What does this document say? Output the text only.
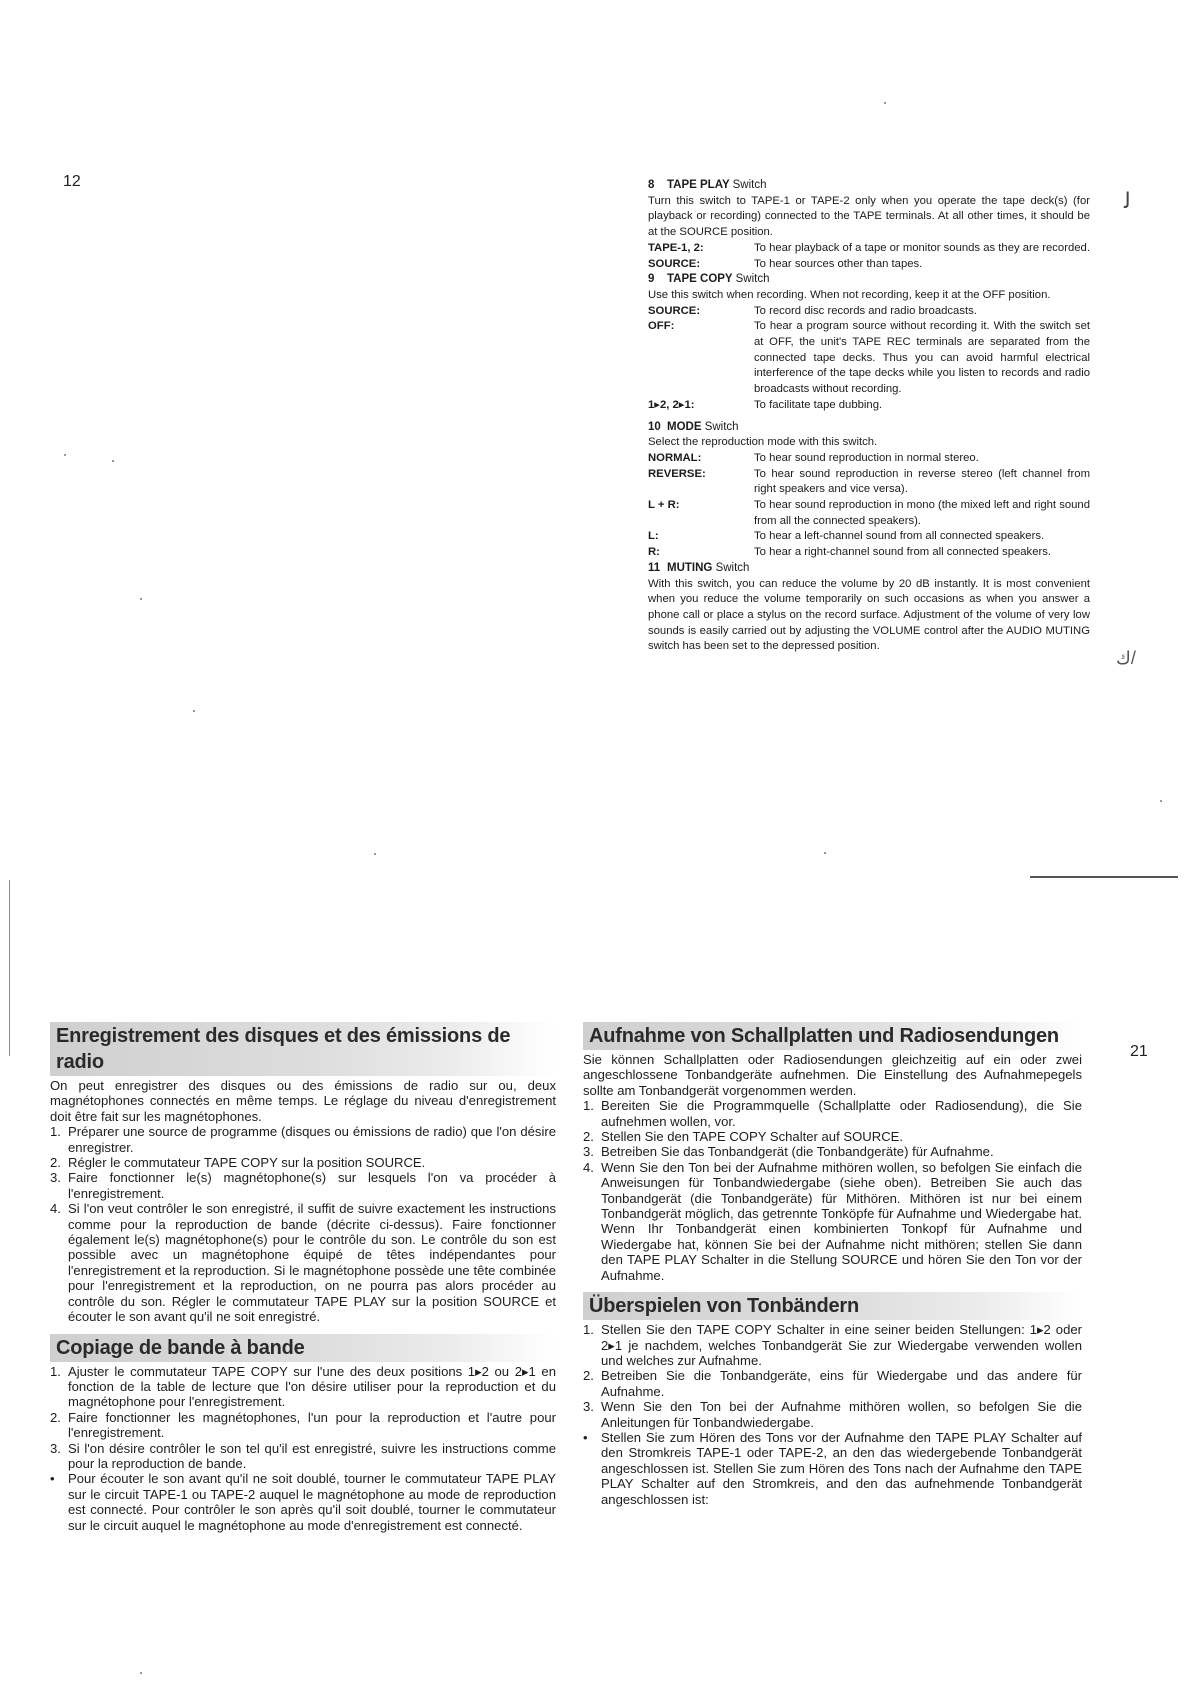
12
21
ﻟ
ك/
8 TAPE PLAY Switch
Turn this switch to TAPE-1 or TAPE-2 only when you operate the tape deck(s) (for playback or recording) connected to the TAPE terminals. At all other times, it should be at the SOURCE position.
TAPE-1, 2:	To hear playback of a tape or monitor sounds as they are recorded.
SOURCE:	To hear sources other than tapes.
9 TAPE COPY Switch
Use this switch when recording. When not recording, keep it at the OFF position.
SOURCE:	To record disc records and radio broadcasts.
OFF:	To hear a program source without recording it. With the switch set at OFF, the unit's TAPE REC terminals are separated from the connected tape decks. Thus you can avoid harmful electrical interference of the tape decks while you listen to records and radio broadcasts without recording.
1▸2, 2▸1:	To facilitate tape dubbing.
10 MODE Switch
Select the reproduction mode with this switch.
NORMAL:	To hear sound reproduction in normal stereo.
REVERSE:	To hear sound reproduction in reverse stereo (left channel from right speakers and vice versa).
L + R:	To hear sound reproduction in mono (the mixed left and right sound from all the connected speakers).
L:	To hear a left-channel sound from all connected speakers.
R:	To hear a right-channel sound from all connected speakers.
11 MUTING Switch
With this switch, you can reduce the volume by 20 dB instantly. It is most convenient when you reduce the volume temporarily on such occasions as when you answer a phone call or place a stylus on the record surface. Adjustment of the volume of very low sounds is easily carried out by adjusting the VOLUME control after the AUDIO MUTING switch has been set to the depressed position.
Enregistrement des disques et des émissions de radio

On peut enregistrer des disques ou des émissions de radio sur ou, deux magnétophones connectés en même temps. Le réglage du niveau d'enregistrement doit être fait sur les magnétophones.

1. Préparer une source de programme (disques ou émissions de radio) que l'on désire enregistrer.
2. Régler le commutateur TAPE COPY sur la position SOURCE.
3. Faire fonctionner le(s) magnétophone(s) sur lesquels l'on va procéder à l'enregistrement.
4. Si l'on veut contrôler le son enregistré, il suffit de suivre exactement les instructions comme pour la reproduction de bande (décrite ci-dessus). Faire fonctionner également le(s) magnétophone(s) pour le contrôle du son. Le contrôle du son est possible avec un magnétophone équipé de têtes indépendantes pour l'enregistrement et la reproduction. Si le magnétophone possède une tête combinée pour l'enregistrement et la reproduction, on ne pourra pas alors procéder au contrôle du son. Régler le commutateur TAPE PLAY sur la position SOURCE et écouter le son avant qu'il ne soit enregistré.
Copiage de bande à bande
1. Ajuster le commutateur TAPE COPY sur l'une des deux positions 1▸2 ou 2▸1 en fonction de la table de lecture que l'on désire utiliser pour la reproduction et du magnétophone pour l'enregistrement.
2. Faire fonctionner les magnétophones, l'un pour la reproduction et l'autre pour l'enregistrement.
3. Si l'on désire contrôler le son tel qu'il est enregistré, suivre les instructions comme pour la reproduction de bande.
•	Pour écouter le son avant qu'il ne soit doublé, tourner le commutateur TAPE PLAY sur le circuit TAPE-1 ou TAPE-2 auquel le magnétophone au mode de reproduction est connecté. Pour contrôler le son après qu'il soit doublé, tourner le commutateur sur le circuit auquel le magnétophone au mode d'enregistrement est connecté.
Aufnahme von Schallplatten und Radiosendungen

Sie können Schallplatten oder Radiosendungen gleichzeitig auf ein oder zwei angeschlossene Tonbandgeräte aufnehmen. Die Einstellung des Aufnahmepegels sollte am Tonbandgerät vorgenommen werden.

1. Bereiten Sie die Programmquelle (Schallplatte oder Radiosendung), die Sie aufnehmen wollen, vor.
2. Stellen Sie den TAPE COPY Schalter auf SOURCE.
3. Betreiben Sie das Tonbandgerät (die Tonbandgeräte) für Aufnahme.
4. Wenn Sie den Ton bei der Aufnahme mithören wollen, so befolgen Sie einfach die Anweisungen für Tonbandwiedergabe (siehe oben). Betreiben Sie auch das Tonbandgerät (die Tonbandgeräte) für Mithören. Mithören ist nur bei einem Tonbandgerät möglich, das getrennte Tonköpfe für Aufnahme und Wiedergabe hat. Wenn Ihr Tonbandgerät einen kombinierten Tonkopf für Aufnahme und Wiedergabe hat, können Sie bei der Aufnahme nicht mithören; stellen Sie dann den TAPE PLAY Schalter in die Stellung SOURCE und hören Sie den Ton vor der Aufnahme.
Überspielen von Tonbändern
1. Stellen Sie den TAPE COPY Schalter in eine seiner beiden Stellungen: 1▸2 oder 2▸1 je nachdem, welches Tonbandgerät Sie zur Wiedergabe verwenden wollen und welches zur Aufnahme.
2. Betreiben Sie die Tonbandgeräte, eins für Wiedergabe und das andere für Aufnahme.
3. Wenn Sie den Ton bei der Aufnahme mithören wollen, so befolgen Sie die Anleitungen für Tonbandwiedergabe.
•	Stellen Sie zum Hören des Tons vor der Aufnahme den TAPE PLAY Schalter auf den Stromkreis TAPE-1 oder TAPE-2, an den das wiedergebende Tonbandgerät angeschlossen ist. Stellen Sie zum Hören des Tons nach der Aufnahme den TAPE PLAY Schalter auf den Stromkreis, and den das aufnehmende Tonbandgerät angeschlossen ist:
